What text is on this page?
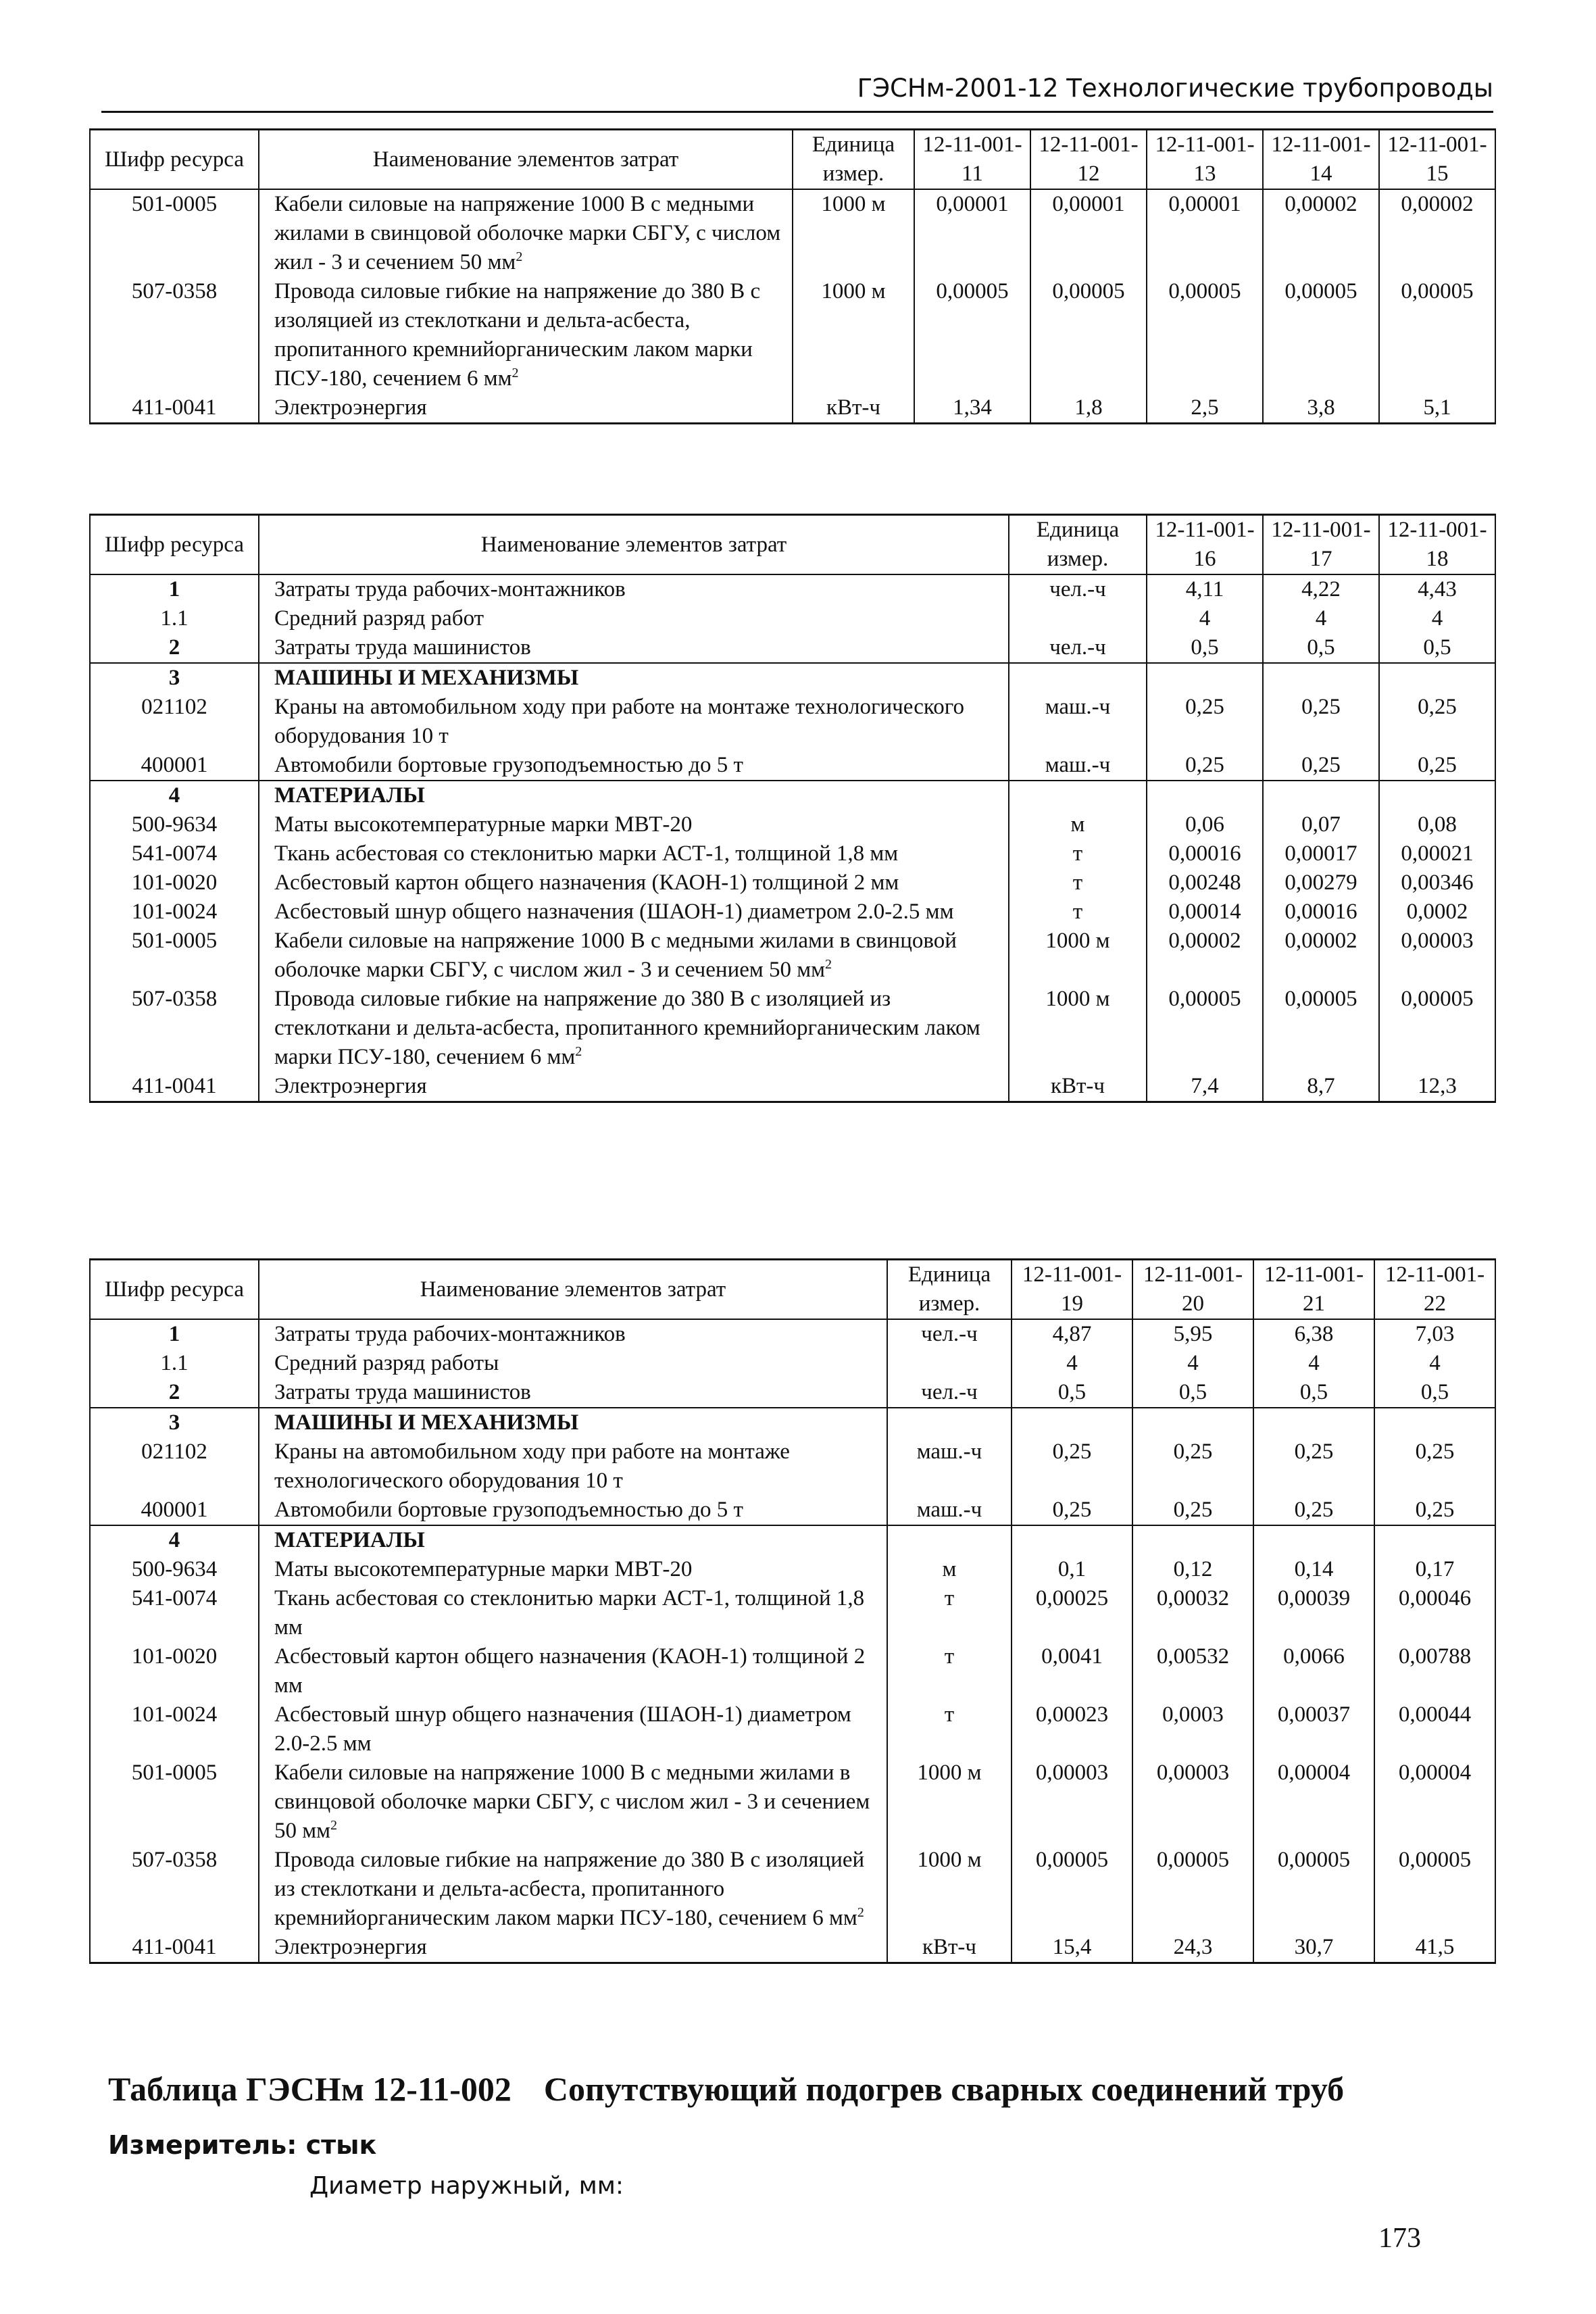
ГЭСНм-2001-12 Технологические трубопроводы
Шифр ресурса	Наименование элементов затрат	Единица измер.	12-11-001-11	12-11-001-12	12-11-001-13	12-11-001-14	12-11-001-15
501-0005	Кабели силовые на напряжение 1000 В с медными жилами в свинцовой оболочке марки СБГУ, с числом жил - 3 и сечением 50 $мм^2$	1000 м	0,00001	0,00001	0,00001	0,00002	0,00002
507-0358	Провода силовые гибкие на напряжение до 380 В с изоляцией из стеклоткани и дельта-асбеста, пропитанного кремнийорганическим лаком марки ПСУ-180, сечением 6 $мм^2$	1000 м	0,00005	0,00005	0,00005	0,00005	0,00005
411-0041	Электроэнергия	кВт-ч	1,34	1,8	2,5	3,8	5,1
Шифр ресурса	Наименование элементов затрат	Единица измер.	12-11-001-16	12-11-001-17	12-11-001-18
1	Затраты труда рабочих-монтажников	чел.-ч	4,11	4,22	4,43
1.1	Средний разряд работ		4	4	4
2	Затраты труда машинистов	чел.-ч	0,5	0,5	0,5
3	МАШИНЫ И МЕХАНИЗМЫ				
021102	Краны на автомобильном ходу при работе на монтаже технологического оборудования 10 т	маш.-ч	0,25	0,25	0,25
400001	Автомобили бортовые грузоподъемностью до 5 т	маш.-ч	0,25	0,25	0,25
4	МАТЕРИАЛЫ				
500-9634	Маты высокотемпературные марки МВТ-20	м	0,06	0,07	0,08
541-0074	Ткань асбестовая со стеклонитью марки АСТ-1, толщиной 1,8 мм	т	0,00016	0,00017	0,00021
101-0020	Асбестовый картон общего назначения (КАОН-1) толщиной 2 мм	т	0,00248	0,00279	0,00346
101-0024	Асбестовый шнур общего назначения (ШАОН-1) диаметром 2.0-2.5 мм	т	0,00014	0,00016	0,0002
501-0005	Кабели силовые на напряжение 1000 В с медными жилами в свинцовой оболочке марки СБГУ, с числом жил - 3 и сечением 50 $мм^2$	1000 м	0,00002	0,00002	0,00003
507-0358	Провода силовые гибкие на напряжение до 380 В с изоляцией из стеклоткани и дельта-асбеста, пропитанного кремнийорганическим лаком марки ПСУ-180, сечением 6 $мм^2$	1000 м	0,00005	0,00005	0,00005
411-0041	Электроэнергия	кВт-ч	7,4	8,7	12,3
Шифр ресурса	Наименование элементов затрат	Единица измер.	12-11-001-19	12-11-001-20	12-11-001-21	12-11-001-22
1	Затраты труда рабочих-монтажников	чел.-ч	4,87	5,95	6,38	7,03
1.1	Средний разряд работы		4	4	4	4
2	Затраты труда машинистов	чел.-ч	0,5	0,5	0,5	0,5
3	МАШИНЫ И МЕХАНИЗМЫ					
021102	Краны на автомобильном ходу при работе на монтаже технологического оборудования 10 т	маш.-ч	0,25	0,25	0,25	0,25
400001	Автомобили бортовые грузоподъемностью до 5 т	маш.-ч	0,25	0,25	0,25	0,25
4	МАТЕРИАЛЫ					
500-9634	Маты высокотемпературные марки МВТ-20	м	0,1	0,12	0,14	0,17
541-0074	Ткань асбестовая со стеклонитью марки АСТ-1, толщиной 1,8 мм	т	0,00025	0,00032	0,00039	0,00046
101-0020	Асбестовый картон общего назначения (КАОН-1) толщиной 2 мм	т	0,0041	0,00532	0,0066	0,00788
101-0024	Асбестовый шнур общего назначения (ШАОН-1) диаметром 2.0-2.5 мм	т	0,00023	0,0003	0,00037	0,00044
501-0005	Кабели силовые на напряжение 1000 В с медными жилами в свинцовой оболочке марки СБГУ, с числом жил - 3 и сечением 50 $мм^2$	1000 м	0,00003	0,00003	0,00004	0,00004
507-0358	Провода силовые гибкие на напряжение до 380 В с изоляцией из стеклоткани и дельта-асбеста, пропитанного кремнийорганическим лаком марки ПСУ-180, сечением 6 $мм^2$	1000 м	0,00005	0,00005	0,00005	0,00005
411-0041	Электроэнергия	кВт-ч	15,4	24,3	30,7	41,5
Таблица ГЭСНм 12-11-002 Сопутствующий подогрев сварных соединений труб
Измеритель: стык
Диаметр наружный, мм:
173
